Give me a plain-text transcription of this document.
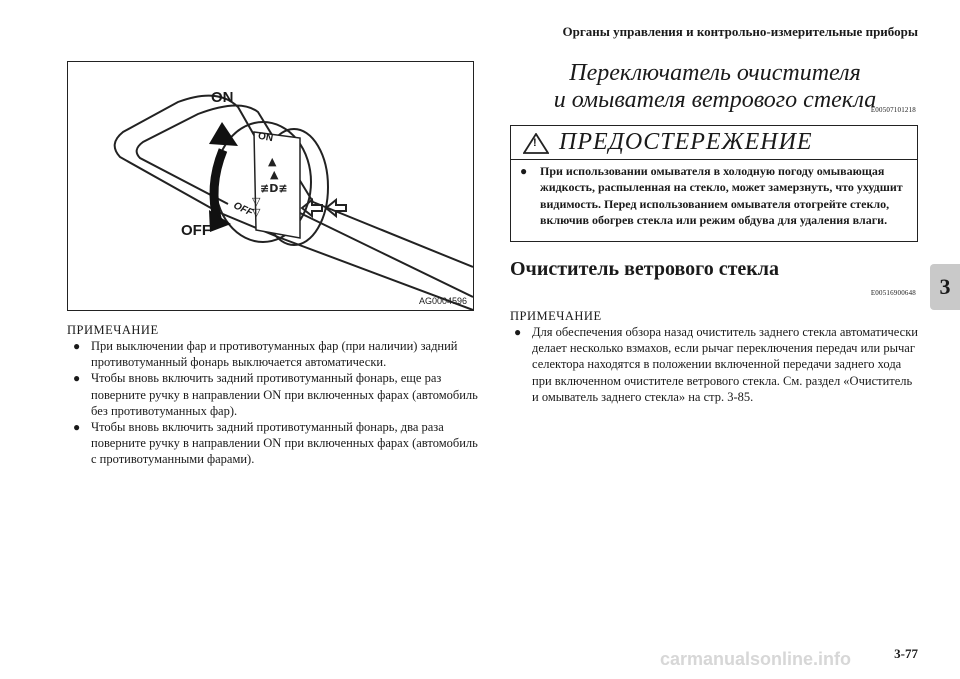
Органы управления и контрольно-измерительные приборы
3
▲
▲
≢D≢
▽
▽
ON
ON
OFF
OFF
AG0004596
ПРИМЕЧАНИЕ
● При выключении фар и противотуманных фар (при наличии) задний противотуманный фонарь выключается автоматически.
● Чтобы вновь включить задний противотуманный фонарь, еще раз поверните ручку в направлении ON при включенных фарах (автомобиль без противотуманных фар).
● Чтобы вновь включить задний противотуманный фонарь, два раза поверните ручку в направлении ON при включенных фарах (автомобиль с противотуманными фарами).
Переключатель очистителя
и омывателя ветрового стекла
E00507101218
! ПРЕДОСТЕРЕЖЕНИЕ
● При использовании омывателя в холодную погоду омывающая жидкость, распыленная на стекло, может замерзнуть, что ухудшит видимость. Перед использованием омывателя отогрейте стекло, включив обогрев стекла или режим обдува для удаления влаги.
Очиститель ветрового стекла
E00516900648
ПРИМЕЧАНИЕ
● Для обеспечения обзора назад очиститель заднего стекла автоматически делает несколько взмахов, если рычаг переключения передач или рычаг селектора находятся в положении включенной передачи заднего хода при включенном очистителе ветрового стекла. См. раздел «Очиститель и омыватель заднего стекла» на стр. 3-85.
carmanualsonline.info	3-77
